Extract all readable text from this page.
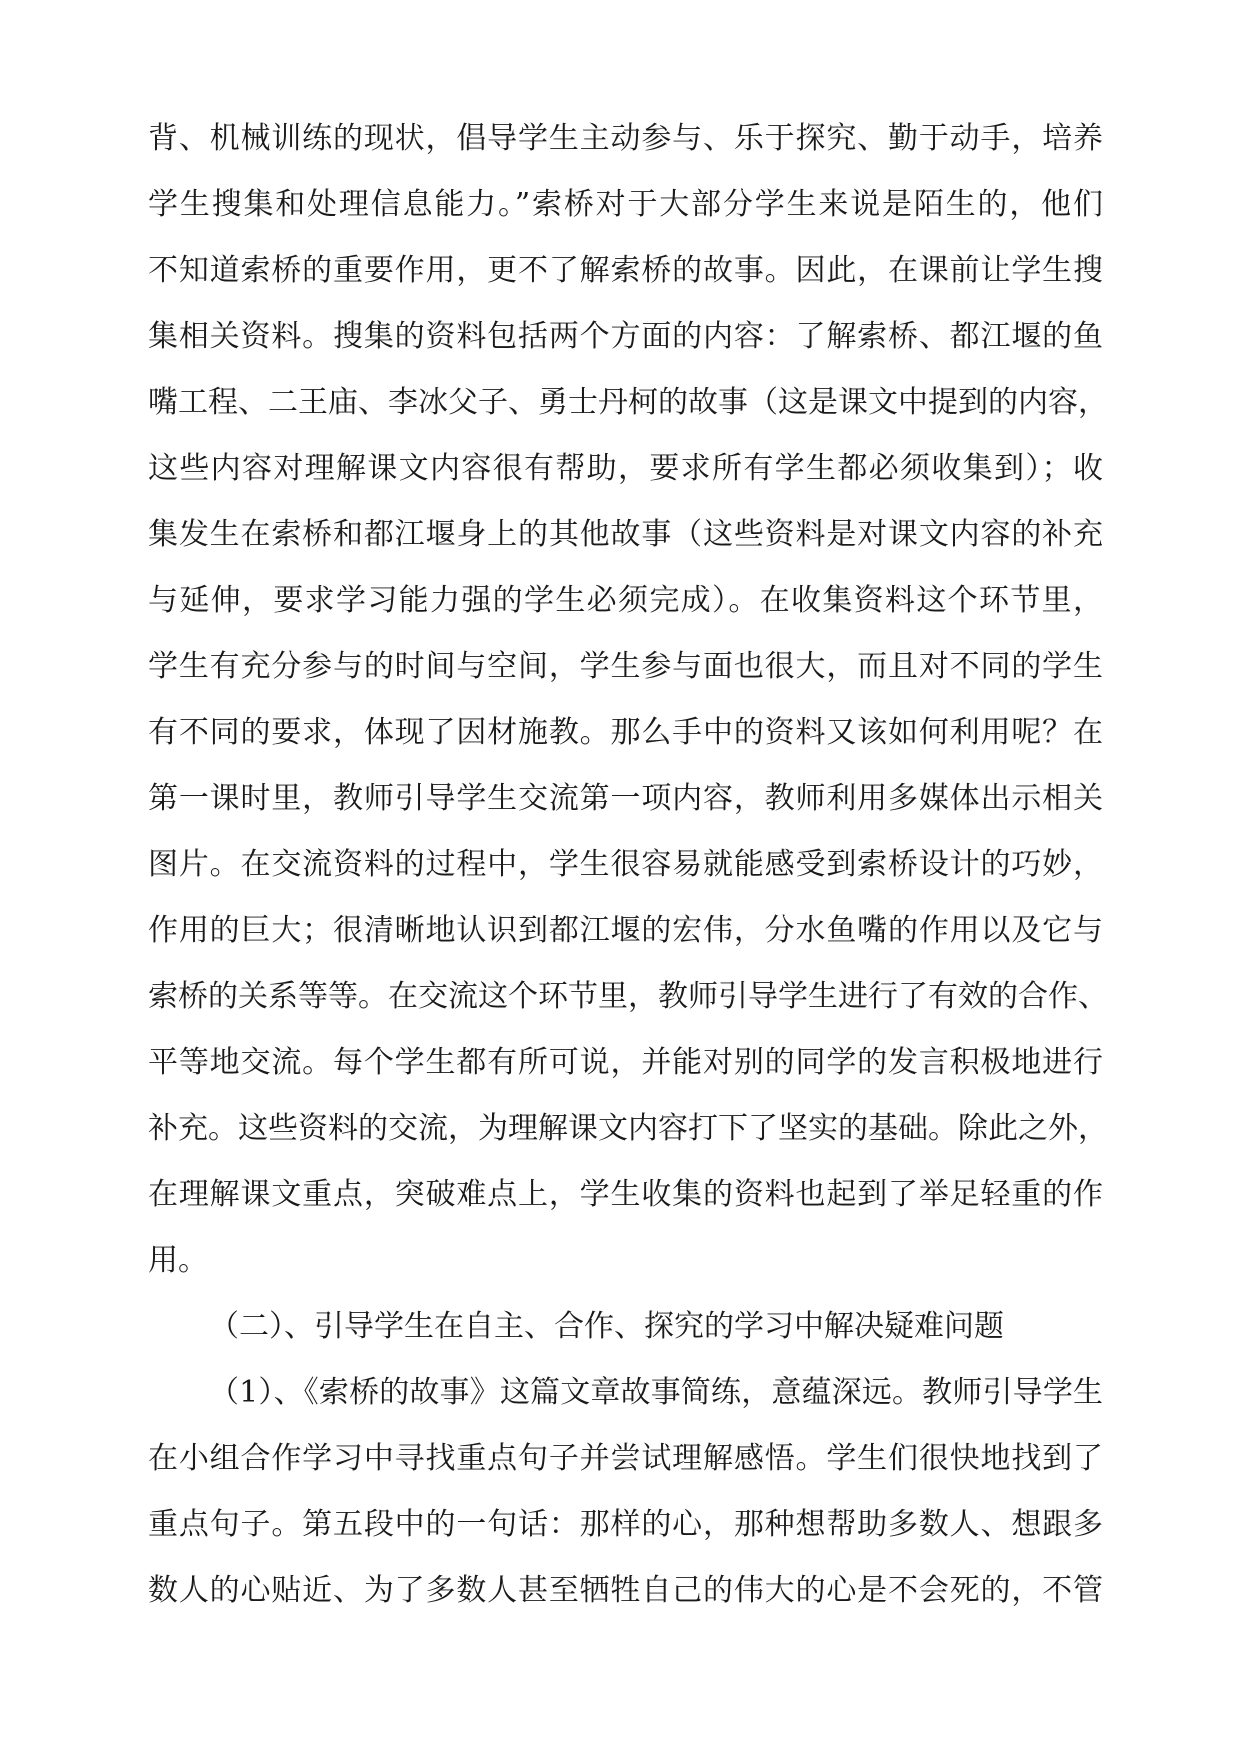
背、机械训练的现状，倡导学生主动参与、乐于探究、勤于动手，培养
学生搜集和处理信息能力。”索桥对于大部分学生来说是陌生的，他们
不知道索桥的重要作用，更不了解索桥的故事。因此，在课前让学生搜
集相关资料。搜集的资料包括两个方面的内容：了解索桥、都江堰的鱼
嘴工程、二王庙、李冰父子、勇士丹柯的故事（这是课文中提到的内容，
这些内容对理解课文内容很有帮助，要求所有学生都必须收集到）；收
集发生在索桥和都江堰身上的其他故事（这些资料是对课文内容的补充
与延伸，要求学习能力强的学生必须完成）。在收集资料这个环节里，
学生有充分参与的时间与空间，学生参与面也很大，而且对不同的学生
有不同的要求，体现了因材施教。那么手中的资料又该如何利用呢？在
第一课时里，教师引导学生交流第一项内容，教师利用多媒体出示相关
图片。在交流资料的过程中，学生很容易就能感受到索桥设计的巧妙，
作用的巨大；很清晰地认识到都江堰的宏伟，分水鱼嘴的作用以及它与
索桥的关系等等。在交流这个环节里，教师引导学生进行了有效的合作、
平等地交流。每个学生都有所可说，并能对别的同学的发言积极地进行
补充。这些资料的交流，为理解课文内容打下了坚实的基础。除此之外，
在理解课文重点，突破难点上，学生收集的资料也起到了举足轻重的作
用。
（二）、引导学生在自主、合作、探究的学习中解决疑难问题
（1）、《索桥的故事》这篇文章故事简练，意蕴深远。教师引导学生
在小组合作学习中寻找重点句子并尝试理解感悟。学生们很快地找到了
重点句子。第五段中的一句话：那样的心，那种想帮助多数人、想跟多
数人的心贴近、为了多数人甚至牺牲自己的伟大的心是不会死的，不管
